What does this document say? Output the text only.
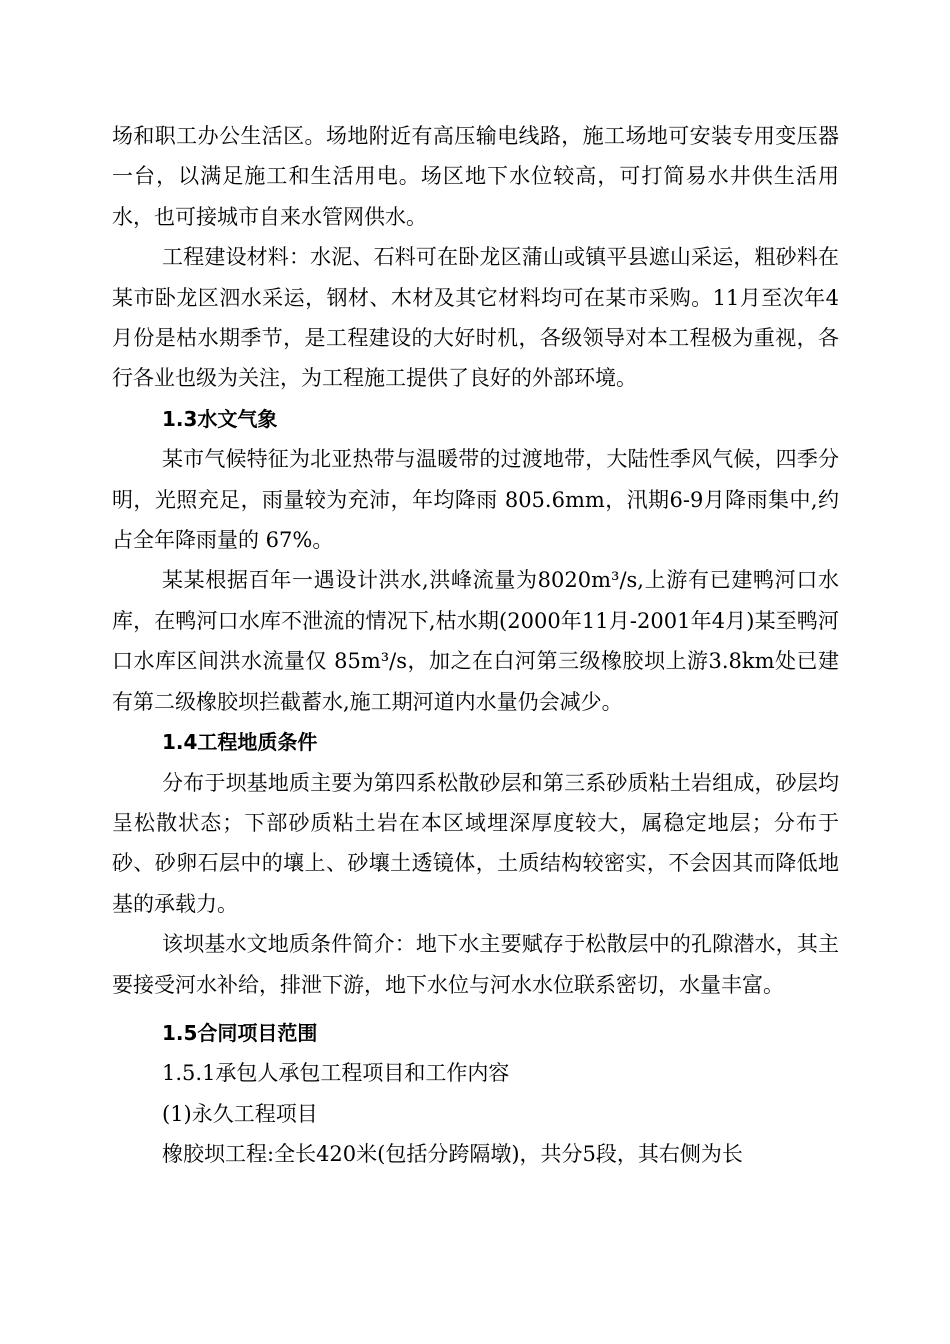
场和职工办公生活区。场地附近有高压输电线路，施工场地可安装专用变压器一台，以满足施工和生活用电。场区地下水位较高，可打简易水井供生活用水，也可接城市自来水管网供水。

工程建设材料：水泥、石料可在卧龙区蒲山或镇平县遮山采运，粗砂料在某市卧龙区泗水采运，钢材、木材及其它材料均可在某市采购。11月至次年4月份是枯水期季节，是工程建设的大好时机，各级领导对本工程极为重视，各行各业也级为关注，为工程施工提供了良好的外部环境。

1.3水文气象

某市气候特征为北亚热带与温暖带的过渡地带，大陆性季风气候，四季分明，光照充足，雨量较为充沛，年均降雨 805.6mm，汛期6-9月降雨集中,约占全年降雨量的 67%。

某某根据百年一遇设计洪水,洪峰流量为8020m³/s,上游有已建鸭河口水库，在鸭河口水库不泄流的情况下,枯水期(2000年11月-2001年4月)某至鸭河口水库区间洪水流量仅 85m³/s，加之在白河第三级橡胶坝上游3.8km处已建有第二级橡胶坝拦截蓄水,施工期河道内水量仍会减少。

1.4工程地质条件

分布于坝基地质主要为第四系松散砂层和第三系砂质粘土岩组成，砂层均呈松散状态；下部砂质粘土岩在本区域埋深厚度较大，属稳定地层；分布于砂、砂卵石层中的壤上、砂壤土透镜体，土质结构较密实，不会因其而降低地基的承载力。

该坝基水文地质条件简介：地下水主要赋存于松散层中的孔隙潜水，其主要接受河水补给，排泄下游，地下水位与河水水位联系密切，水量丰富。

1.5合同项目范围

1.5.1承包人承包工程项目和工作内容

(1)永久工程项目

橡胶坝工程:全长420米(包括分跨隔墩)，共分5段，其右侧为长
